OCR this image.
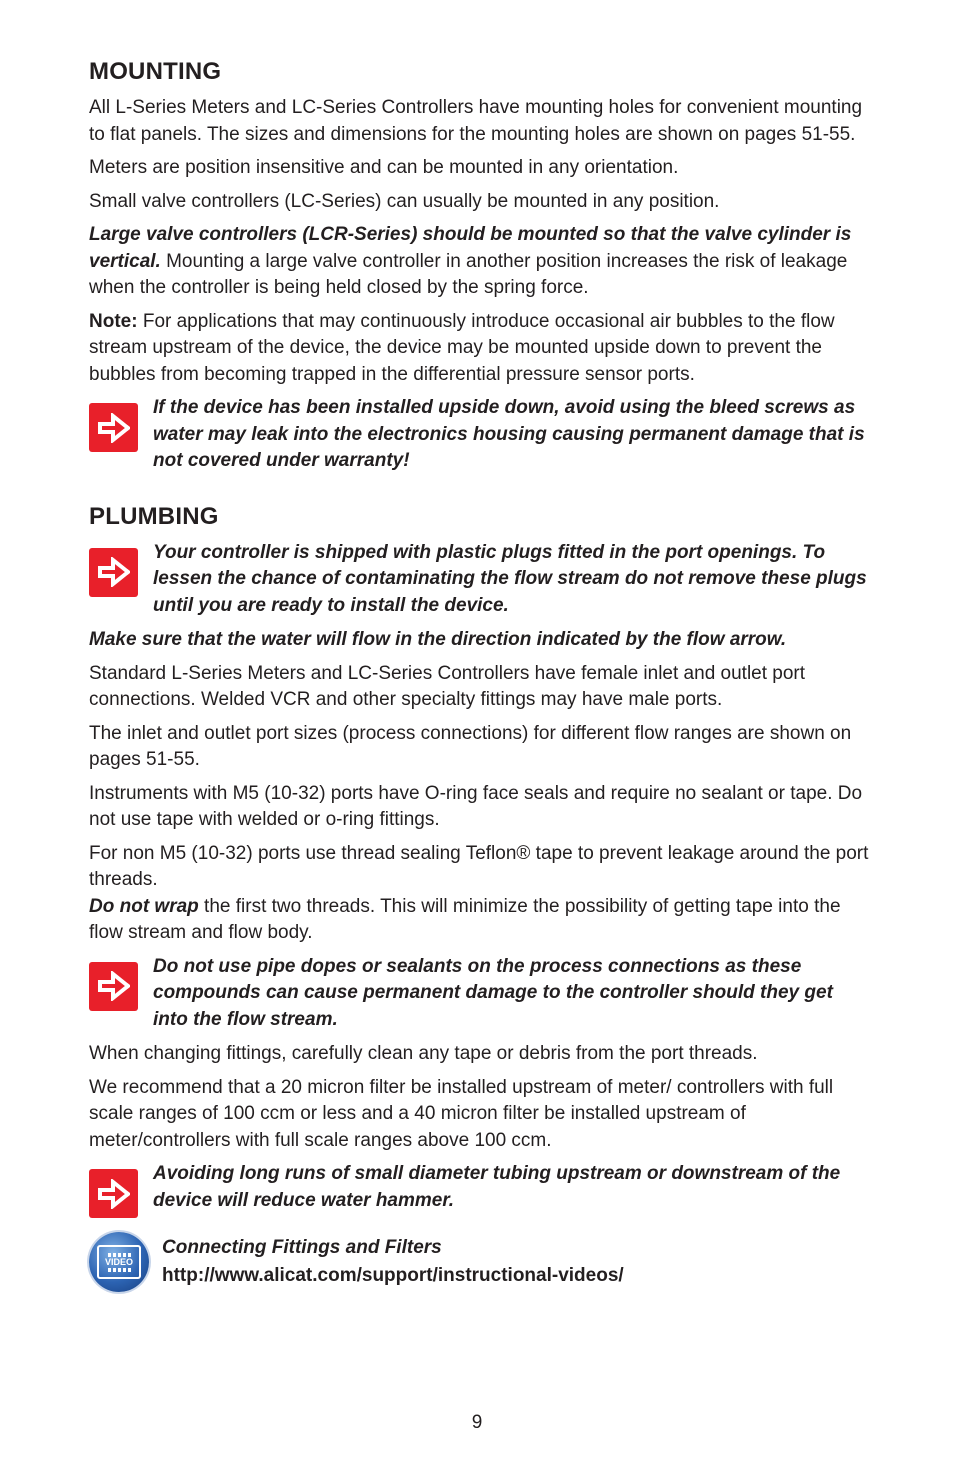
MOUNTING

All L-Series Meters and LC-Series Controllers have mounting holes for convenient mounting to flat panels. The sizes and dimensions for the mounting holes are shown on pages 51-55.

Meters are position insensitive and can be mounted in any orientation.

Small valve controllers (LC-Series) can usually be mounted in any position.

Large valve controllers (LCR-Series) should be mounted so that the valve cylinder is vertical. Mounting a large valve controller in another position increases the risk of leakage when the controller is being held closed by the spring force.

Note: For applications that may continuously introduce occasional air bubbles to the flow stream upstream of the device, the device may be mounted upside down to prevent the bubbles from becoming trapped in the differential pressure sensor ports.

If the device has been installed upside down, avoid using the bleed screws as water may leak into the electronics housing causing permanent damage that is not covered under warranty!
PLUMBING
Your controller is shipped with plastic plugs fitted in the port openings. To lessen the chance of contaminating the flow stream do not remove these plugs until you are ready to install the device.

Make sure that the water will flow in the direction indicated by the flow arrow.

Standard L-Series Meters and LC-Series Controllers have female inlet and outlet port connections. Welded VCR and other specialty fittings may have male ports.

The inlet and outlet port sizes (process connections) for different flow ranges are shown on pages 51-55.

Instruments with M5 (10-32) ports have O-ring face seals and require no sealant or tape. Do not use tape with welded or o-ring fittings.

For non M5 (10-32) ports use thread sealing Teflon® tape to prevent leakage around the port threads.

Do not wrap the first two threads. This will minimize the possibility of getting tape into the flow stream and flow body.

Do not use pipe dopes or sealants on the process connections as these compounds can cause permanent damage to the controller should they get into the flow stream.

When changing fittings, carefully clean any tape or debris from the port threads.

We recommend that a 20 micron filter be installed upstream of meter/ controllers with full scale ranges of 100 ccm or less and a 40 micron filter be installed upstream of meter/controllers with full scale ranges above 100 ccm.

Avoiding long runs of small diameter tubing upstream or downstream of the device will reduce water hammer.
VIDEO
Connecting Fittings and Filters
http://www.alicat.com/support/instructional-videos/
9
